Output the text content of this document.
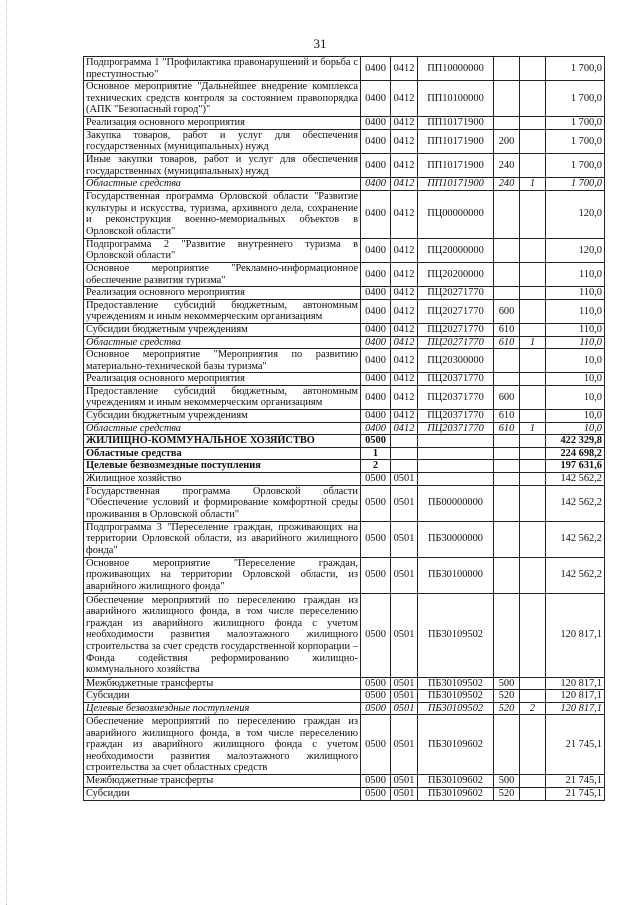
31
Подпрограмма 1 "Профилактика правонарушений и борьба с преступностью"	0400	0412	ПП10000000			1 700,0
Основное мероприятие "Дальнейшее внедрение комплекса технических средств контроля за состоянием правопорядка (АПК "Безопасный город")"	0400	0412	ПП10100000			1 700,0
Реализация основного мероприятия	0400	0412	ПП10171900			1 700,0
Закупка товаров, работ и услуг для обеспечения государственных (муниципальных) нужд	0400	0412	ПП10171900	200		1 700,0
Иные закупки товаров, работ и услуг для обеспечения государственных (муниципальных) нужд	0400	0412	ПП10171900	240		1 700,0
Областные средства	0400	0412	ПП10171900	240	1	1 700,0
Государственная программа Орловской области "Развитие культуры и искусства, туризма, архивного дела, сохранение и реконструкция военно-мемориальных объектов в Орловской области"	0400	0412	ПЦ00000000			120,0
Подпрограмма 2 "Развитие внутреннего туризма в Орловской области"	0400	0412	ПЦ20000000			120,0
Основное мероприятие "Рекламно-информационное обеспечение развития туризма"	0400	0412	ПЦ20200000			110,0
Реализация основного мероприятия	0400	0412	ПЦ20271770			110,0
Предоставление субсидий бюджетным, автономным учреждениям и иным некоммерческим организациям	0400	0412	ПЦ20271770	600		110,0
Субсидии бюджетным учреждениям	0400	0412	ПЦ20271770	610		110,0
Областные средства	0400	0412	ПЦ20271770	610	1	110,0
Основное мероприятие "Мероприятия по развитию материально-технической базы туризма"	0400	0412	ПЦ20300000			10,0
Реализация основного мероприятия	0400	0412	ПЦ20371770			10,0
Предоставление субсидий бюджетным, автономным учреждениям и иным некоммерческим организациям	0400	0412	ПЦ20371770	600		10,0
Субсидии бюджетным учреждениям	0400	0412	ПЦ20371770	610		10,0
Областные средства	0400	0412	ПЦ20371770	610	1	10,0
ЖИЛИЩНО-КОММУНАЛЬНОЕ ХОЗЯЙСТВО	0500					422 329,8
Областные средства	1					224 698,2
Целевые безвозмездные поступления	2					197 631,6
Жилищное хозяйство	0500	0501				142 562,2
Государственная программа Орловской области "Обеспечение условий и формирование комфортной среды проживания в Орловской области"	0500	0501	ПБ00000000			142 562,2
Подпрограмма 3 "Переселение граждан, проживающих на территории Орловской области, из аварийного жилищного фонда"	0500	0501	ПБ30000000			142 562,2
Основное мероприятие "Переселение граждан, проживающих на территории Орловской области, из аварийного жилищного фонда"	0500	0501	ПБ30100000			142 562,2
Обеспечение мероприятий по переселению граждан из аварийного жилищного фонда, в том числе переселению граждан из аварийного жилищного фонда с учетом необходимости развития малоэтажного жилищного строительства за счет средств государственной корпорации – Фонда содействия реформированию жилищно-коммунального хозяйства	0500	0501	ПБ30109502			120 817,1
Межбюджетные трансферты	0500	0501	ПБ30109502	500		120 817,1
Субсидии	0500	0501	ПБ30109502	520		120 817,1
Целевые безвозмездные поступления	0500	0501	ПБ30109502	520	2	120 817,1
Обеспечение мероприятий по переселению граждан из аварийного жилищного фонда, в том числе переселению граждан из аварийного жилищного фонда с учетом необходимости развития малоэтажного жилищного строительства за счет областных средств	0500	0501	ПБ30109602			21 745,1
Межбюджетные трансферты	0500	0501	ПБ30109602	500		21 745,1
Субсидии	0500	0501	ПБ30109602	520		21 745,1
